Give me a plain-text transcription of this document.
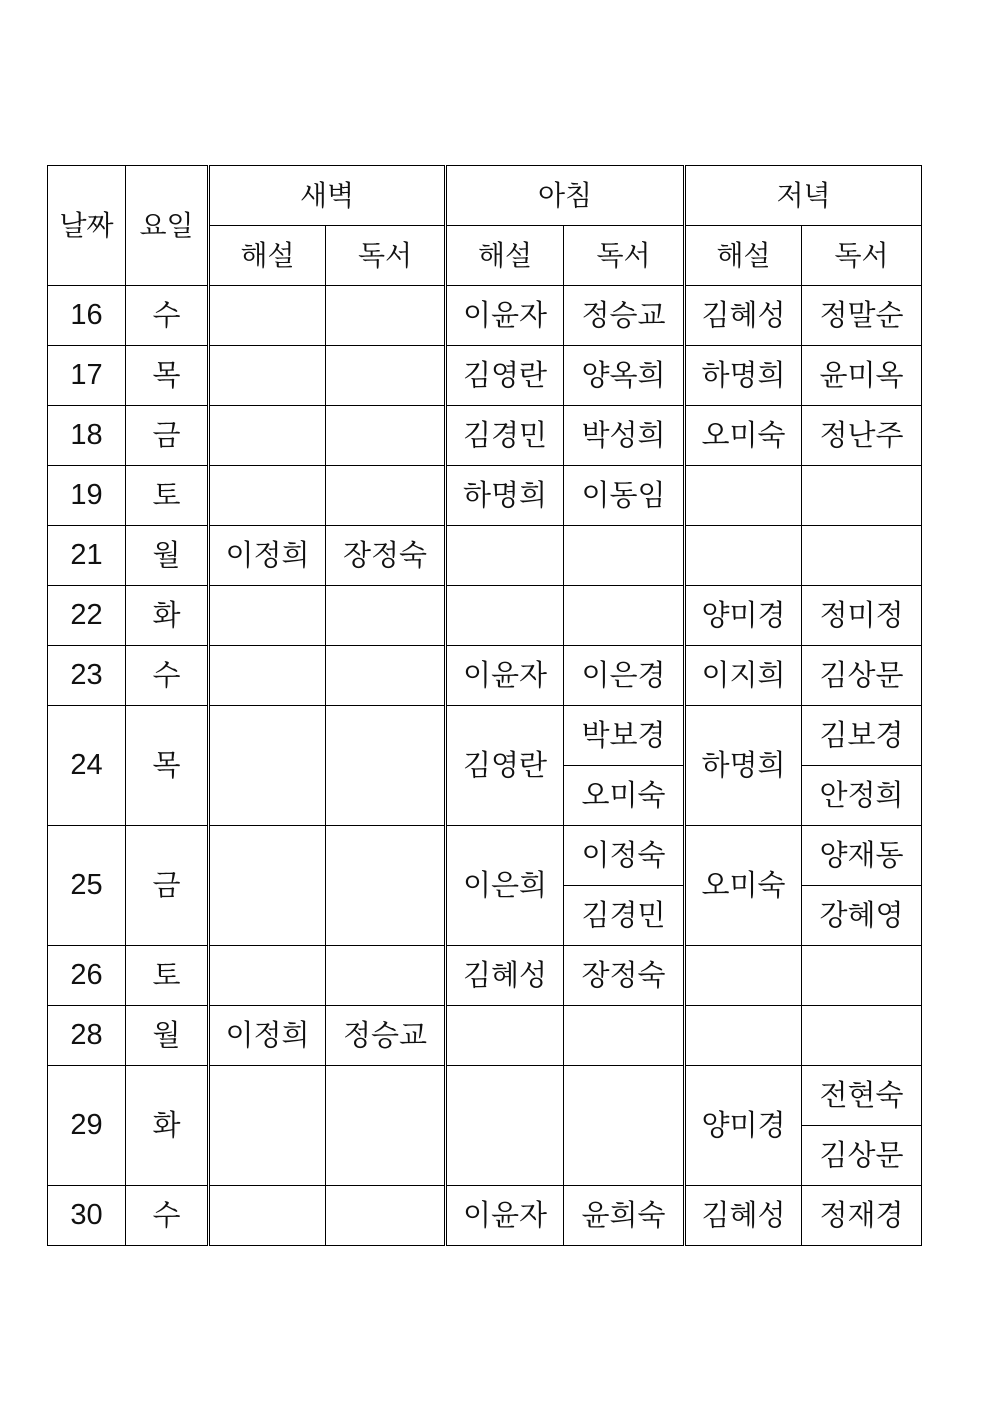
날짜	요일	새벽		아침		저녁	
		해설	독서	해설	독서	해설	독서
16	수			이윤자	정승교	김혜성	정말순
17	목			김영란	양옥희	하명희	윤미옥
18	금			김경민	박성희	오미숙	정난주
19	토			하명희	이동임		
21	월	이정희	장정숙				
22	화					양미경	정미정
23	수			이윤자	이은경	이지희	김상문
24	목			김영란	박보경	하명희	김보경
					오미숙		안정희
25	금			이은희	이정숙	오미숙	양재동
					김경민		강혜영
26	토			김혜성	장정숙		
28	월	이정희	정승교				
29	화					양미경	전현숙
							김상문
30	수			이윤자	윤희숙	김혜성	정재경
